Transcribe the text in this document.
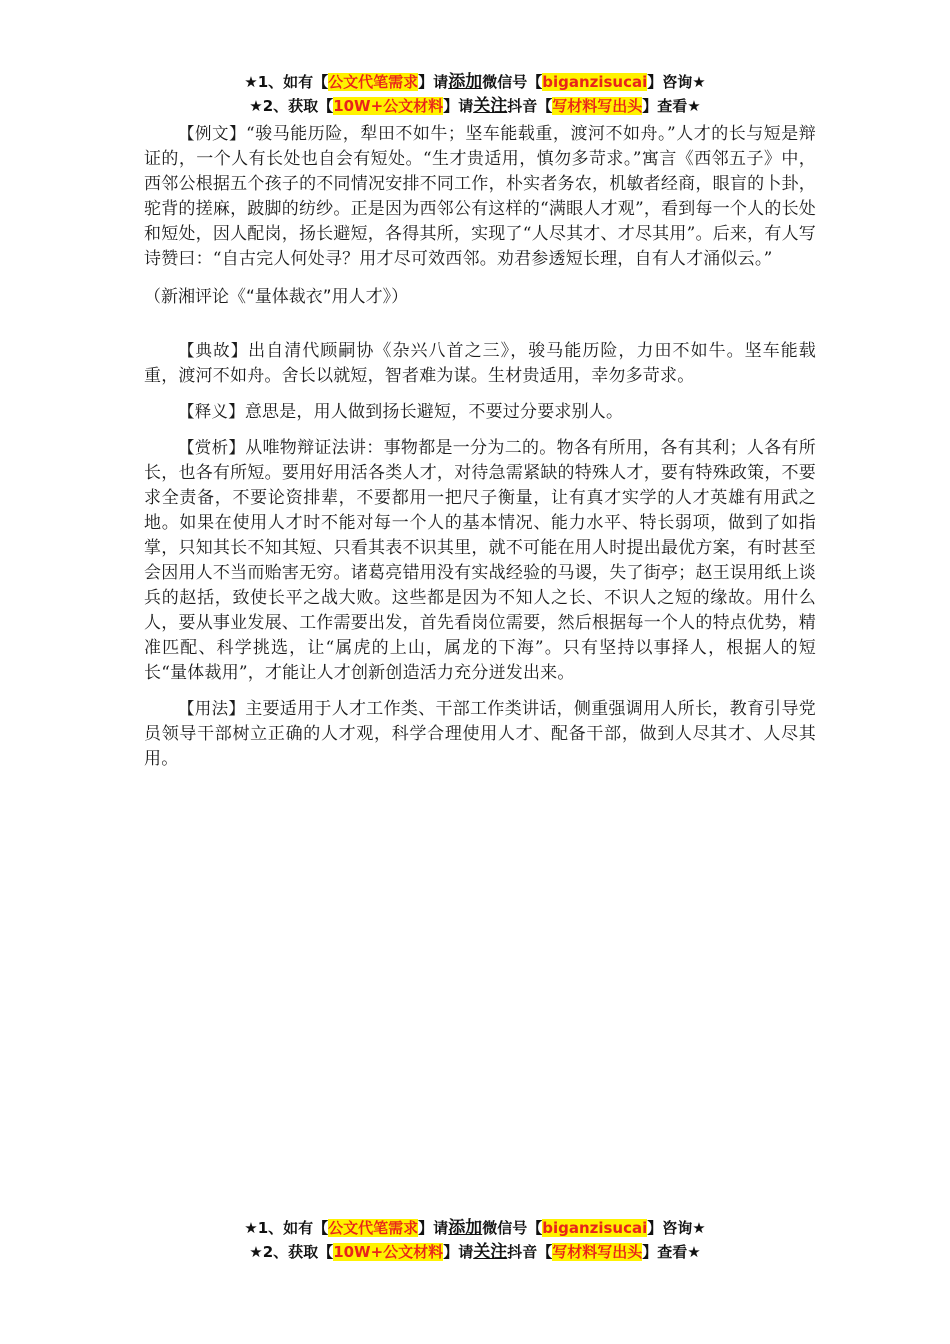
★1、如有【公文代笔需求】请添加微信号【biganzisucai】咨询★
★2、获取【10W+公文材料】请关注抖音【写材料写出头】查看★

【例文】“骏马能历险，犁田不如牛；坚车能载重，渡河不如舟。”人才的长与短是辩证的，一个人有长处也自会有短处。“生才贵适用，慎勿多苛求。”寓言《西邻五子》中，西邻公根据五个孩子的不同情况安排不同工作，朴实者务农，机敏者经商，眼盲的卜卦，驼背的搓麻，跛脚的纺纱。正是因为西邻公有这样的“满眼人才观”，看到每一个人的长处和短处，因人配岗，扬长避短，各得其所，实现了“人尽其才、才尽其用”。后来，有人写诗赞曰：“自古完人何处寻？用才尽可效西邻。劝君参透短长理，自有人才涌似云。”

（新湘评论《“量体裁衣”用人才》）

【典故】出自清代顾嗣协《杂兴八首之三》，骏马能历险，力田不如牛。坚车能载重，渡河不如舟。舍长以就短，智者难为谋。生材贵适用，幸勿多苛求。

【释义】意思是，用人做到扬长避短，不要过分要求别人。

【赏析】从唯物辩证法讲：事物都是一分为二的。物各有所用，各有其利；人各有所长，也各有所短。要用好用活各类人才，对待急需紧缺的特殊人才，要有特殊政策，不要求全责备，不要论资排辈，不要都用一把尺子衡量，让有真才实学的人才英雄有用武之地。如果在使用人才时不能对每一个人的基本情况、能力水平、特长弱项，做到了如指掌，只知其长不知其短、只看其表不识其里，就不可能在用人时提出最优方案，有时甚至会因用人不当而贻害无穷。诸葛亮错用没有实战经验的马谡，失了街亭；赵王误用纸上谈兵的赵括，致使长平之战大败。这些都是因为不知人之长、不识人之短的缘故。用什么人，要从事业发展、工作需要出发，首先看岗位需要，然后根据每一个人的特点优势，精准匹配、科学挑选，让“属虎的上山，属龙的下海”。只有坚持以事择人，根据人的短长“量体裁用”，才能让人才创新创造活力充分迸发出来。

【用法】主要适用于人才工作类、干部工作类讲话，侧重强调用人所长，教育引导党员领导干部树立正确的人才观，科学合理使用人才、配备干部，做到人尽其才、人尽其用。

★1、如有【公文代笔需求】请添加微信号【biganzisucai】咨询★
★2、获取【10W+公文材料】请关注抖音【写材料写出头】查看★
